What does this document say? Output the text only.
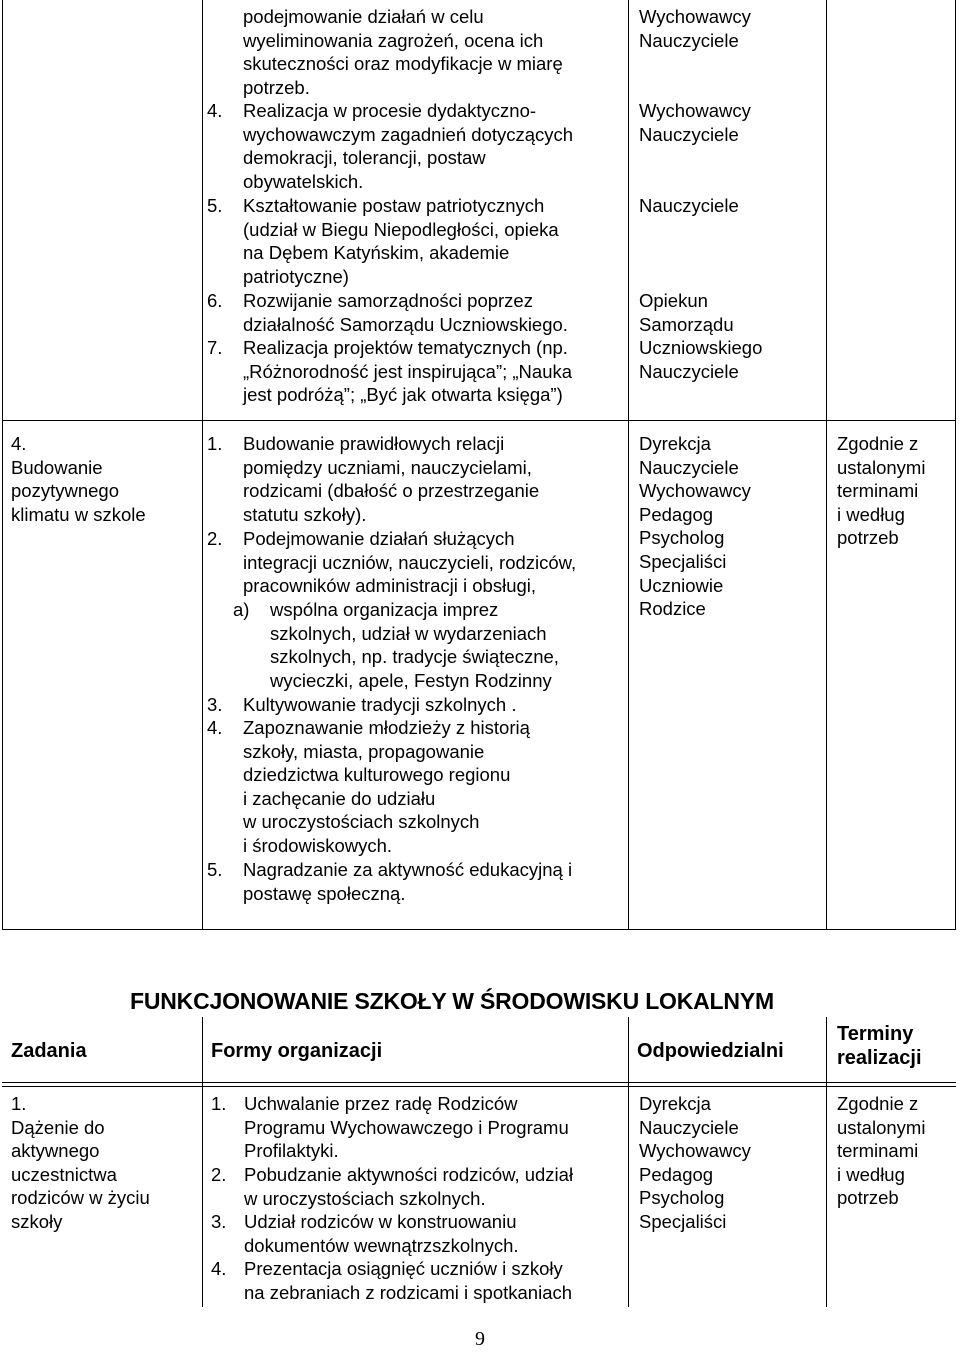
podejmowanie działań w celu
wyeliminowania zagrożeń, ocena ich
skuteczności oraz modyfikacje w miarę
potrzeb.
4. Realizacja w procesie dydaktyczno-
wychowawczym zagadnień dotyczących
demokracji, tolerancji, postaw
obywatelskich.
5. Kształtowanie postaw patriotycznych
(udział w Biegu Niepodległości, opieka
na Dębem Katyńskim, akademie
patriotyczne)
6. Rozwijanie samorządności poprzez
działalność Samorządu Uczniowskiego.
7. Realizacja projektów tematycznych (np.
„Różnorodność jest inspirująca”; „Nauka
jest podróżą”; „Być jak otwarta księga”)
Wychowawcy
Nauczyciele
Wychowawcy
Nauczyciele
Nauczyciele
Opiekun
Samorządu
Uczniowskiego
Nauczyciele
4.
Budowanie
pozytywnego
klimatu w szkole
1. Budowanie prawidłowych relacji
pomiędzy uczniami, nauczycielami,
rodzicami (dbałość o przestrzeganie
statutu szkoły).
2. Podejmowanie działań służących
integracji uczniów, nauczycieli, rodziców,
pracowników administracji i obsługi,
a) wspólna organizacja imprez
szkolnych, udział w wydarzeniach
szkolnych, np. tradycje świąteczne,
wycieczki, apele, Festyn Rodzinny
3. Kultywowanie tradycji szkolnych .
4. Zapoznawanie młodzieży z historią
szkoły, miasta, propagowanie
dziedzictwa kulturowego regionu
i zachęcanie do udziału
w uroczystościach szkolnych
i środowiskowych.
5. Nagradzanie za aktywność edukacyjną i
postawę społeczną.
Dyrekcja
Nauczyciele
Wychowawcy
Pedagog
Psycholog
Specjaliści
Uczniowie
Rodzice
Zgodnie z
ustalonymi
terminami
i według
potrzeb
FUNKCJONOWANIE SZKOŁY W ŚRODOWISKU LOKALNYM
Zadania	Formy organizacji	Odpowiedzialni
Terminy
realizacji
1.
Dążenie do
aktywnego
uczestnictwa
rodziców w życiu
szkoły
1. Uchwalanie przez radę Rodziców
Programu Wychowawczego i Programu
Profilaktyki.
2. Pobudzanie aktywności rodziców, udział
w uroczystościach szkolnych.
3. Udział rodziców w konstruowaniu
dokumentów wewnątrzszkolnych.
4. Prezentacja osiągnięć uczniów i szkoły
na zebraniach z rodzicami i spotkaniach
Dyrekcja
Nauczyciele
Wychowawcy
Pedagog
Psycholog
Specjaliści
Zgodnie z
ustalonymi
terminami
i według
potrzeb
9
